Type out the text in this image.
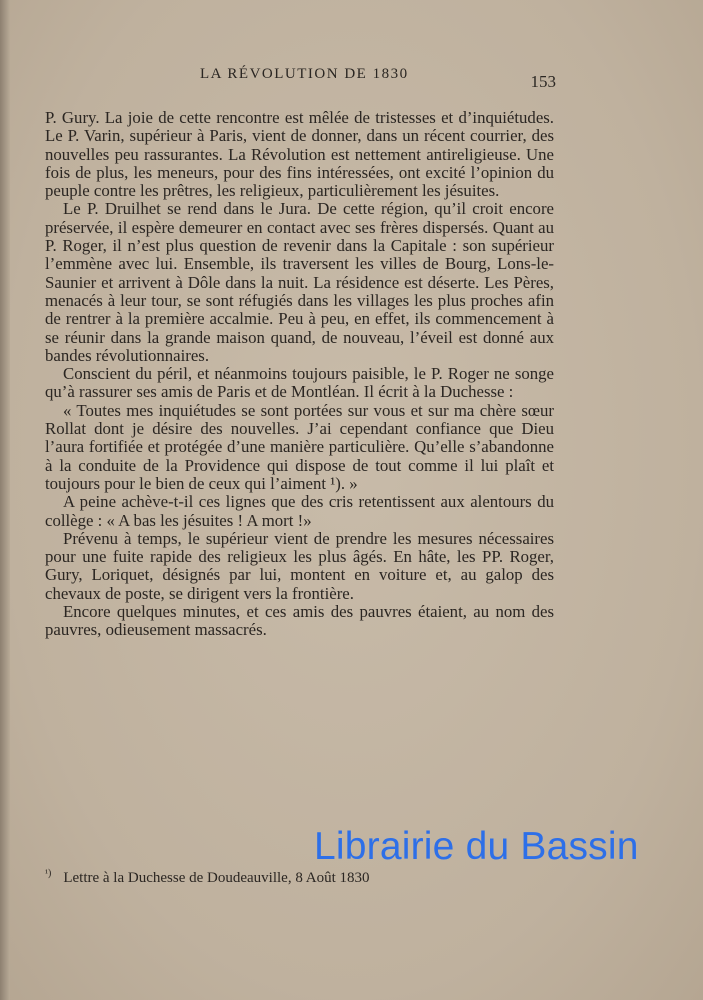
LA RÉVOLUTION DE 1830	153

P. Gury. La joie de cette rencontre est mêlée de tristesses et d’inquiétudes. Le P. Varin, supérieur à Paris, vient de donner, dans un récent courrier, des nouvelles peu rassurantes. La Révolution est nettement antireligieuse. Une fois de plus, les meneurs, pour des fins intéressées, ont excité l’opinion du peuple contre les prêtres, les religieux, particulièrement les jésuites.

Le P. Druilhet se rend dans le Jura. De cette région, qu’il croit encore préservée, il espère demeurer en contact avec ses frères dispersés. Quant au P. Roger, il n’est plus question de revenir dans la Capitale : son supérieur l’emmène avec lui. Ensemble, ils traversent les villes de Bourg, Lons-le-Saunier et arrivent à Dôle dans la nuit. La résidence est déserte. Les Pères, menacés à leur tour, se sont réfugiés dans les villages les plus proches afin de rentrer à la première accalmie. Peu à peu, en effet, ils commencement à se réunir dans la grande maison quand, de nouveau, l’éveil est donné aux bandes révolutionnaires.

Conscient du péril, et néanmoins toujours paisible, le P. Roger ne songe qu’à rassurer ses amis de Paris et de Montléan. Il écrit à la Duchesse :

« Toutes mes inquiétudes se sont portées sur vous et sur ma chère sœur Rollat dont je désire des nouvelles. J’ai cependant confiance que Dieu l’aura fortifiée et protégée d’une manière particulière. Qu’elle s’abandonne à la conduite de la Providence qui dispose de tout comme il lui plaît et toujours pour le bien de ceux qui l’aiment ¹). »

A peine achève-t-il ces lignes que des cris retentissent aux alentours du collège : « A bas les jésuites ! A mort !»

Prévenu à temps, le supérieur vient de prendre les mesures nécessaires pour une fuite rapide des religieux les plus âgés. En hâte, les PP. Roger, Gury, Loriquet, désignés par lui, montent en voiture et, au galop des chevaux de poste, se dirigent vers la frontière.

Encore quelques minutes, et ces amis des pauvres étaient, au nom des pauvres, odieusement massacrés.

Librairie du Bassin
$^{^1)}$ Lettre à la Duchesse de Doudeauville, 8 Août 1830
